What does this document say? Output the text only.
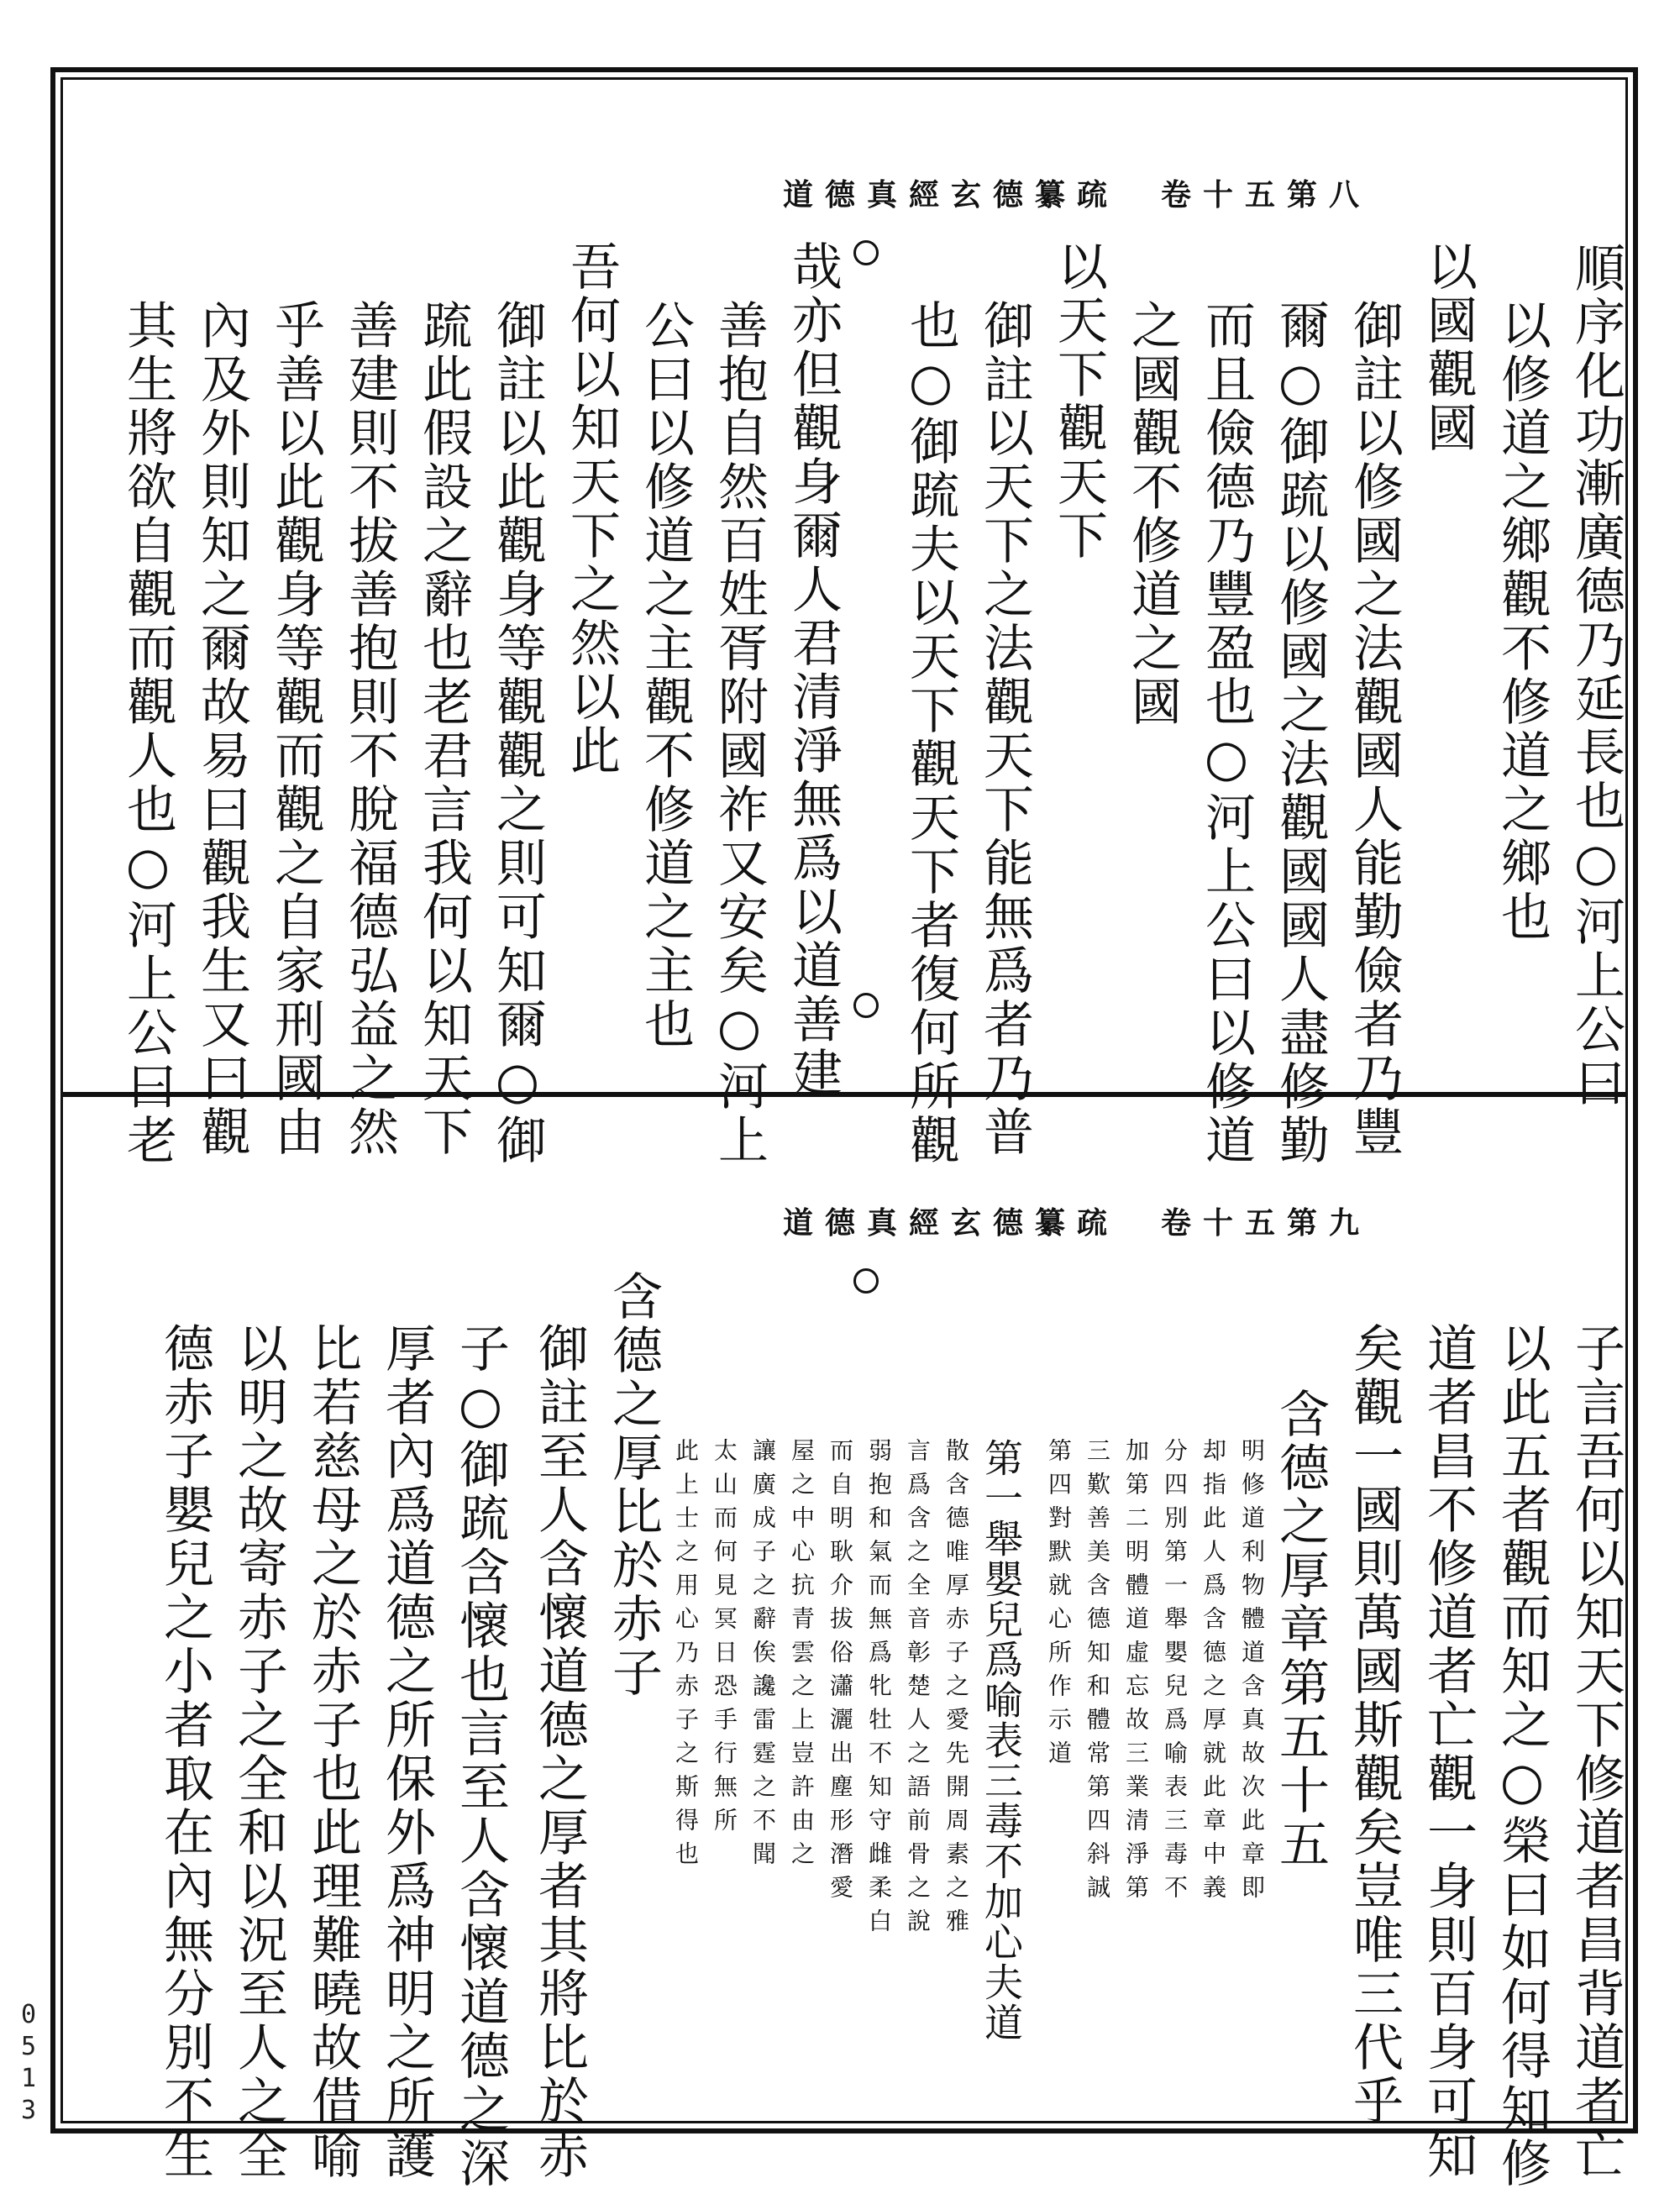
道德真經玄德纂疏　卷十五第八
順序化功漸廣德乃延長也○河上公曰
以修道之鄉觀不修道之鄉也
以國觀國
御註以修國之法觀國人能勤儉者乃豐
爾○御䟽以修國之法觀國國人盡修勤
而且儉德乃豐盈也○河上公曰以修道
之國觀不修道之國
以天下觀天下
御註以天下之法觀天下能無爲者乃普
也○御䟽夫以天下觀天下者復何所觀
哉亦但觀身爾人君清淨無爲以道善建
善抱自然百姓胥附國祚又安矣○河上
公曰以修道之主觀不修道之主也
吾何以知天下之然以此
御註以此觀身等觀觀之則可知爾○御
䟽此假設之辭也老君言我何以知天下
善建則不拔善抱則不脫福德弘益之然
乎善以此觀身等觀而觀之自家刑國由
內及外則知之爾故易曰觀我生又曰觀
其生將欲自觀而觀人也○河上公曰老
道德真經玄德纂疏　卷十五第九
子言吾何以知天下修道者昌背道者亡
以此五者觀而知之○榮曰如何得知修
道者昌不修道者亡觀一身則百身可知
矣觀一國則萬國斯觀矣豈唯三代乎
含德之厚章第五十五
明修道利物體道含真故次此章即
却指此人爲含德之厚就此章中義
分四別第一舉嬰兒爲喻表三毒不
加第二明體道虛忘故三業清淨第
三歎善美含德知和體常第四斜誠
第四對默就心所作示道
第一舉嬰兒爲喻表三毒不加心夫道
散含德唯厚赤子之愛先開周素之雅
言爲含之全音彰楚人之語前骨之說
弱抱和氣而無爲牝牡不知守雌柔白
而自明耿介拔俗瀟灑出塵形潛愛
屋之中心抗青雲之上豈許由之
讓廣成子之辭俟讒雷霆之不聞
太山而何見冥日恐手行無所
此上士之用心乃赤子之斯得也
含德之厚比於赤子
御註至人含懷道德之厚者其將比於赤
子○御䟽含懷也言至人含懷道德之深
厚者內爲道德之所保外爲神明之所護
比若慈母之於赤子也此理難曉故借喻
以明之故寄赤子之全和以況至人之全
德赤子嬰兒之小者取在內無分別不生
0513
